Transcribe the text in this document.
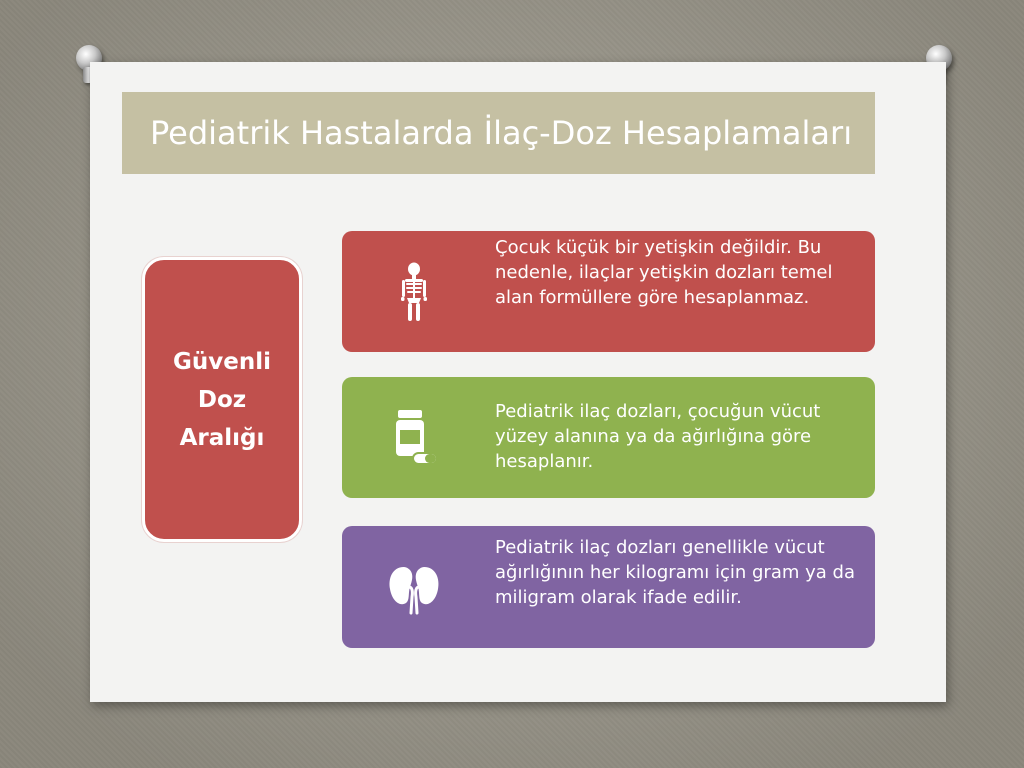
Pediatrik Hastalarda İlaç-Doz Hesaplamaları
Güvenli
Doz
Aralığı
Çocuk küçük bir yetişkin değildir. Bu nedenle, ilaçlar yetişkin dozları temel alan formüllere göre hesaplanmaz.
Pediatrik ilaç dozları, çocuğun vücut yüzey alanına ya da ağırlığına göre hesaplanır.
Pediatrik ilaç dozları genellikle vücut ağırlığının her kilogramı için gram ya da miligram olarak ifade edilir.
